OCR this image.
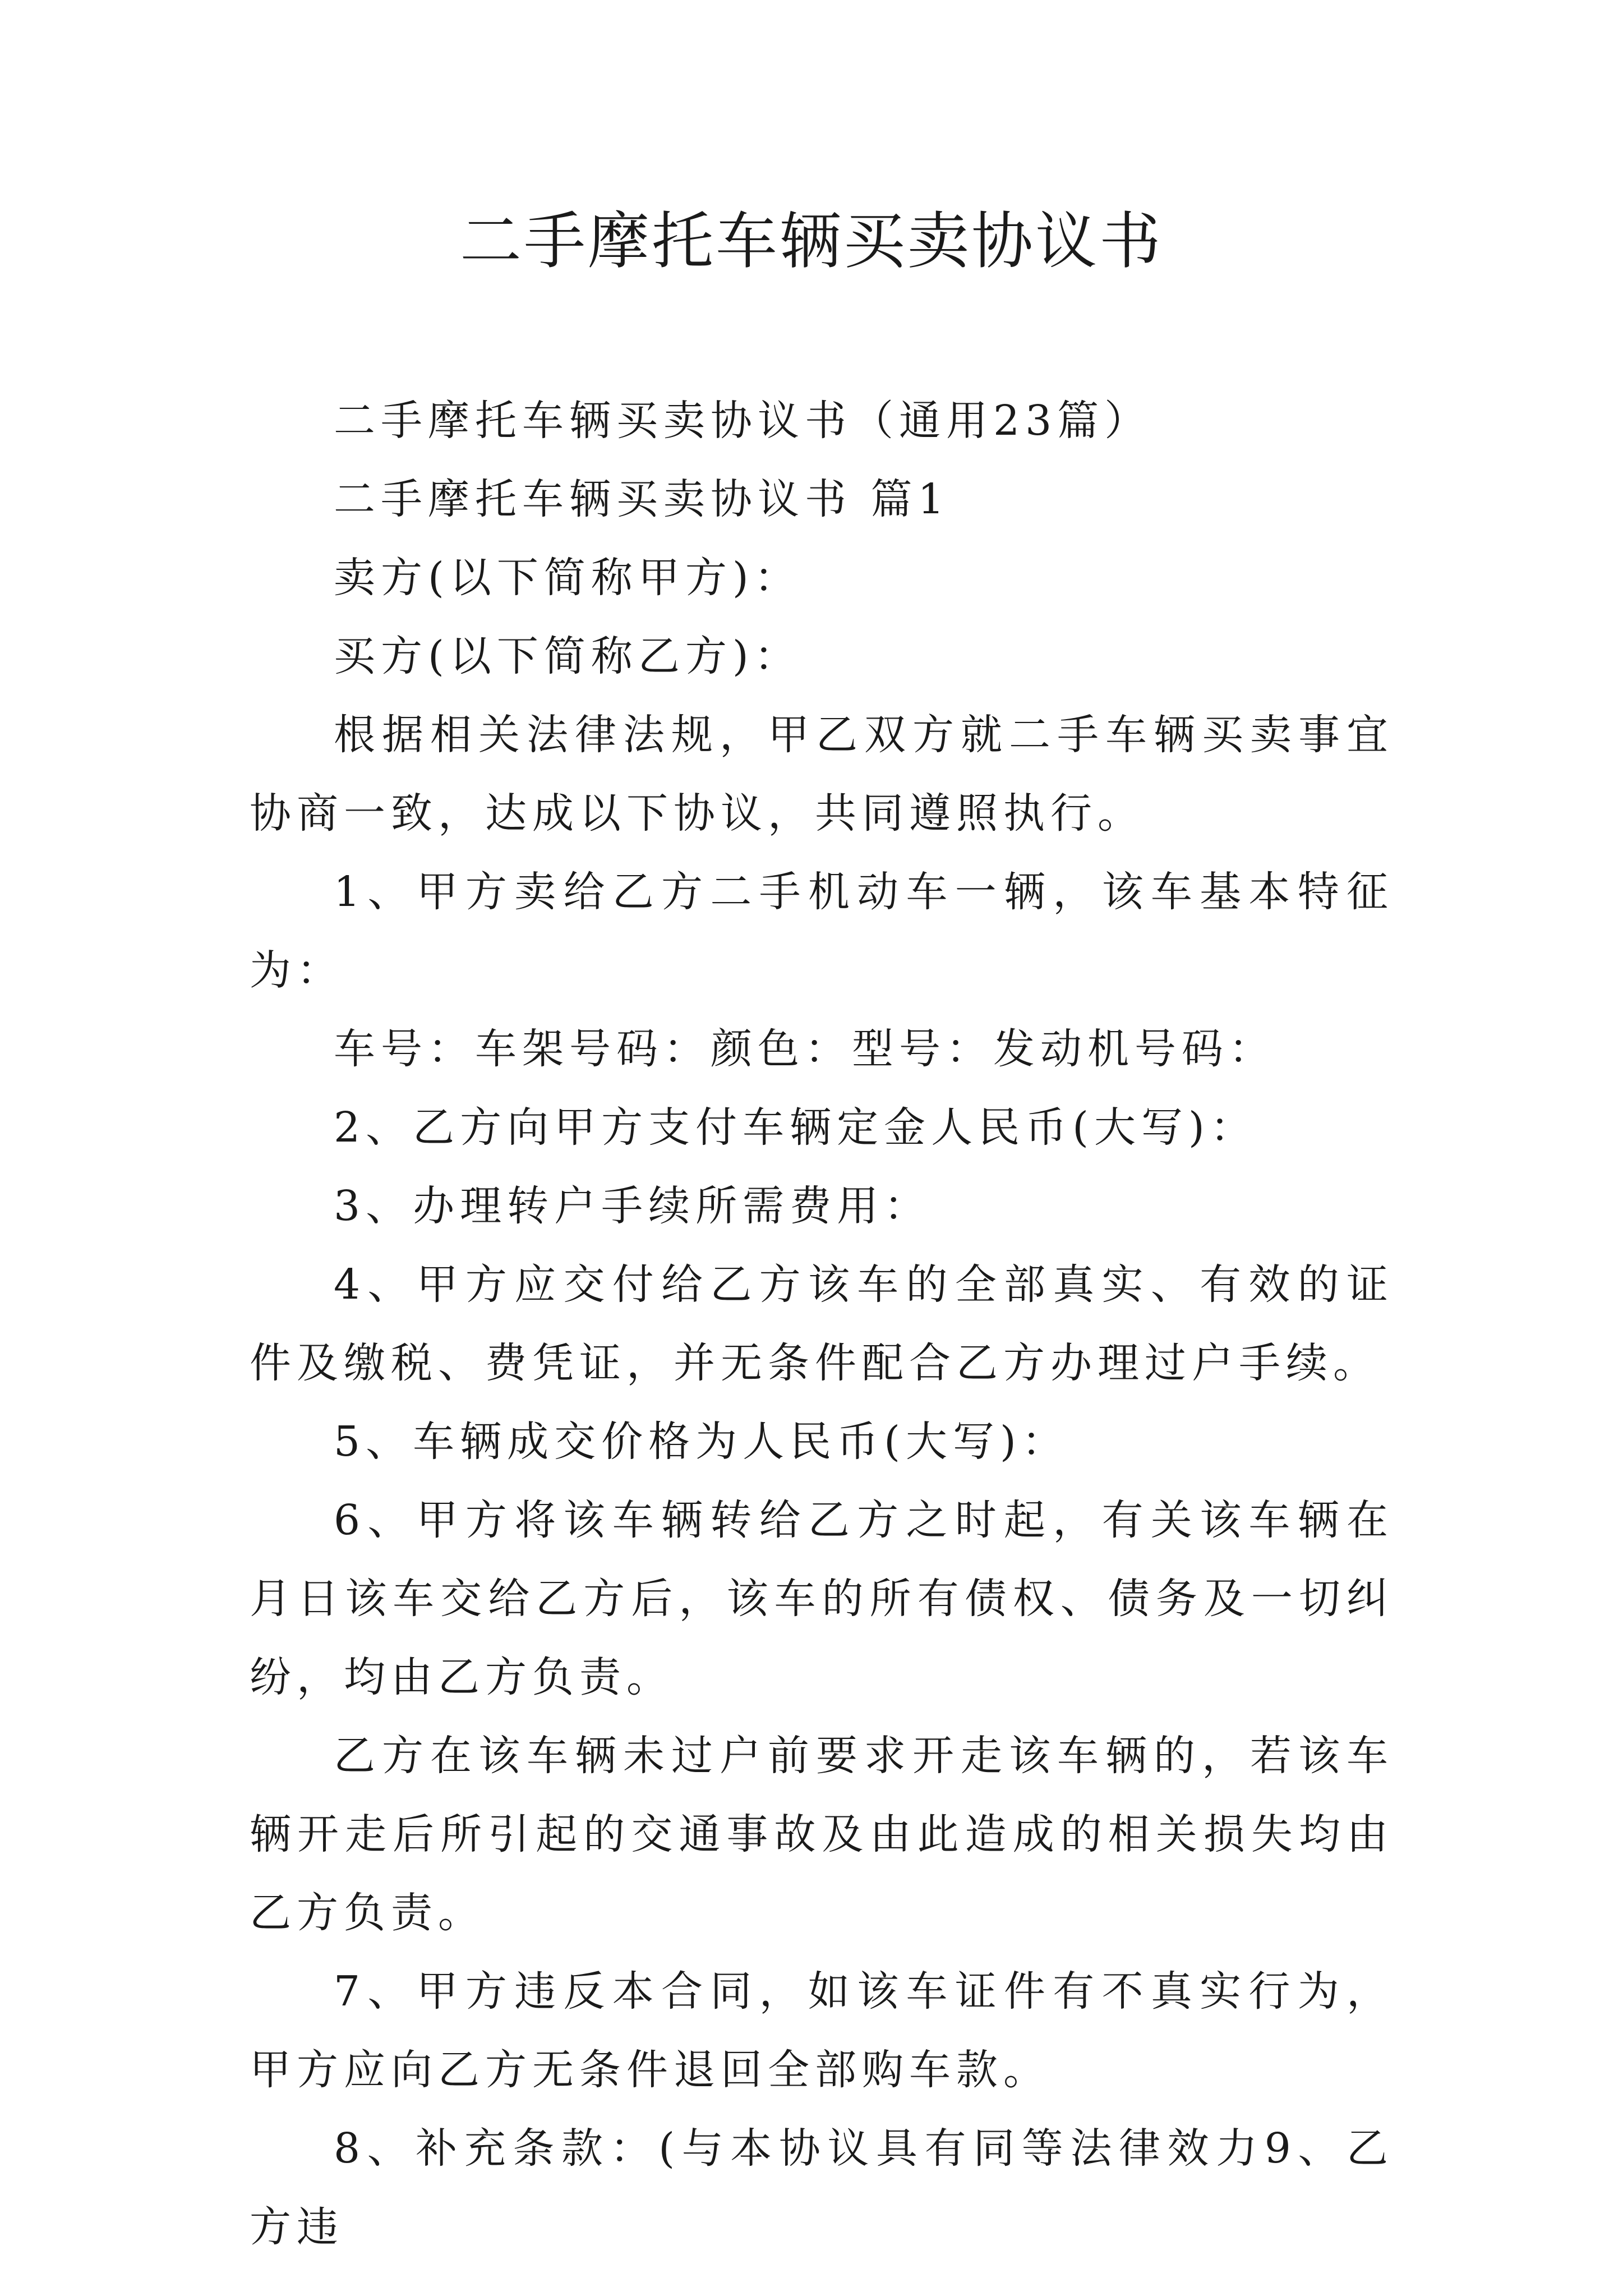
二手摩托车辆买卖协议书

二手摩托车辆买卖协议书（通用23篇）

二手摩托车辆买卖协议书 篇1

卖方(以下简称甲方)：

买方(以下简称乙方)：

根据相关法律法规，甲乙双方就二手车辆买卖事宜协商一致，达成以下协议，共同遵照执行。

1、甲方卖给乙方二手机动车一辆，该车基本特征为：

车号：车架号码：颜色：型号：发动机号码：

2、乙方向甲方支付车辆定金人民币(大写)：

3、办理转户手续所需费用：

4、甲方应交付给乙方该车的全部真实、有效的证件及缴税、费凭证，并无条件配合乙方办理过户手续。

5、车辆成交价格为人民币(大写)：

6、甲方将该车辆转给乙方之时起，有关该车辆在月日该车交给乙方后，该车的所有债权、债务及一切纠纷，均由乙方负责。

乙方在该车辆未过户前要求开走该车辆的，若该车辆开走后所引起的交通事故及由此造成的相关损失均由乙方负责。

7、甲方违反本合同，如该车证件有不真实行为，甲方应向乙方无条件退回全部购车款。

8、补充条款：(与本协议具有同等法律效力9、乙方违
